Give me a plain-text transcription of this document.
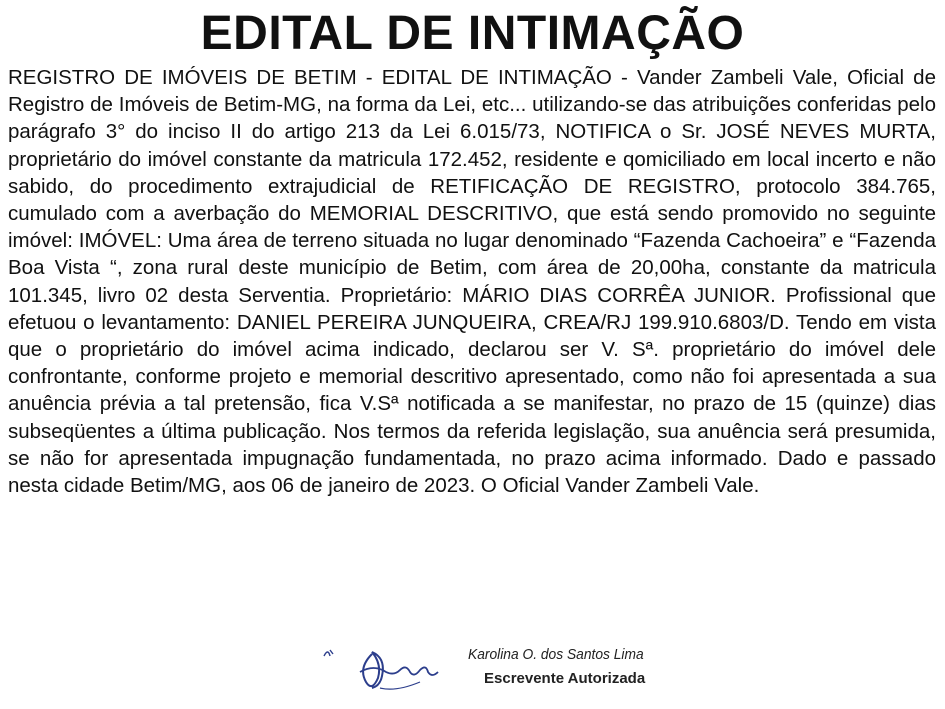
EDITAL DE INTIMAÇÃO

REGISTRO DE IMÓVEIS DE BETIM - EDITAL DE INTIMAÇÃO - Vander Zambeli Vale, Oficial de Registro de Imóveis de Betim-MG, na forma da Lei, etc... utilizando-se das atribuições conferidas pelo parágrafo 3° do inciso II do artigo 213 da Lei 6.015/73, NOTIFICA o Sr. JOSÉ NEVES MURTA, proprietário do imóvel constante da matricula 172.452, residente e qomiciliado em local incerto e não sabido, do procedimento extrajudicial de RETIFICAÇÃO DE REGISTRO, protocolo 384.765, cumulado com a averbação do MEMORIAL DESCRITIVO, que está sendo promovido no seguinte imóvel: IMÓVEL: Uma área de terreno situada no lugar denominado “Fazenda Cachoeira” e “Fazenda Boa Vista “, zona rural deste município de Betim, com área de 20,00ha, constante da matricula 101.345, livro 02 desta Serventia. Proprietário: MÁRIO DIAS CORRÊA JUNIOR. Profissional que efetuou o levantamento: DANIEL PEREIRA JUNQUEIRA, CREA/RJ 199.910.6803/D. Tendo em vista que o proprietário do imóvel acima indicado, declarou ser V. Sª. proprietário do imóvel dele confrontante, conforme projeto e memorial descritivo apresentado, como não foi apresentada a sua anuência prévia a tal pretensão, fica V.Sª notificada a se manifestar, no prazo de 15 (quinze) dias subseqüentes a última publicação. Nos termos da referida legislação, sua anuência será presumida, se não for apresentada impugnação fundamentada, no prazo acima informado. Dado e passado nesta cidade Betim/MG, aos 06 de janeiro de 2023. O Oficial Vander Zambeli Vale.

Karolina O. dos Santos Lima
Escrevente Autorizada
